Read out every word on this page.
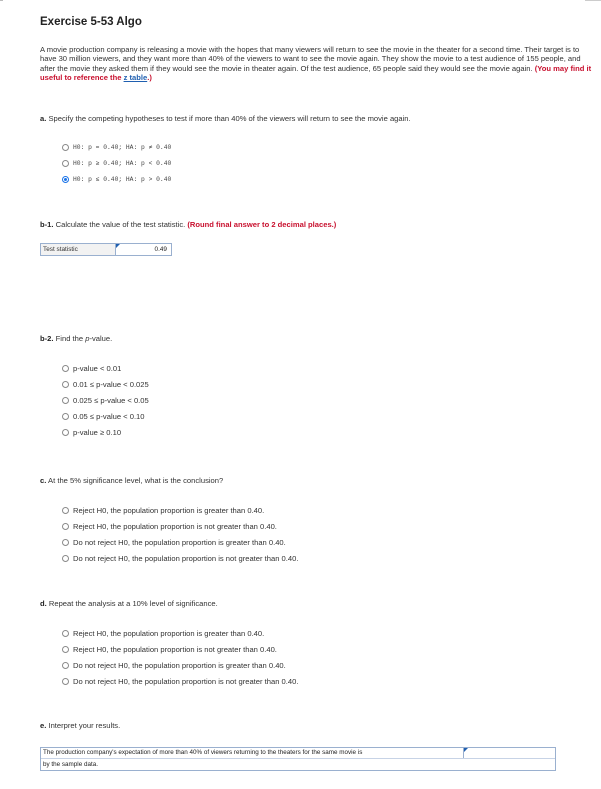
Exercise 5-53 Algo
A movie production company is releasing a movie with the hopes that many viewers will return to see the movie in the theater for a second time. Their target is to have 30 million viewers, and they want more than 40% of the viewers to want to see the movie again. They show the movie to a test audience of 155 people, and after the movie they asked them if they would see the movie in theater again. Of the test audience, 65 people said they would see the movie again. (You may find it useful to reference the z table.)
a. Specify the competing hypotheses to test if more than 40% of the viewers will return to see the movie again.
H0: p = 0.40; HA: p ≠ 0.40
H0: p ≥ 0.40; HA: p < 0.40
H0: p ≤ 0.40; HA: p > 0.40
b-1. Calculate the value of the test statistic. (Round final answer to 2 decimal places.)
Test statistic	0.49
b-2. Find the p-value.
p-value < 0.01
0.01 ≤ p-value < 0.025
0.025 ≤ p-value < 0.05
0.05 ≤ p-value < 0.10
p-value ≥ 0.10
c. At the 5% significance level, what is the conclusion?
Reject H0, the population proportion is greater than 0.40.
Reject H0, the population proportion is not greater than 0.40.
Do not reject H0, the population proportion is greater than 0.40.
Do not reject H0, the population proportion is not greater than 0.40.
d. Repeat the analysis at a 10% level of significance.
Reject H0, the population proportion is greater than 0.40.
Reject H0, the population proportion is not greater than 0.40.
Do not reject H0, the population proportion is greater than 0.40.
Do not reject H0, the population proportion is not greater than 0.40.
e. Interpret your results.
The production company's expectation of more than 40% of viewers returning to the theaters for the same movie is
by the sample data.
